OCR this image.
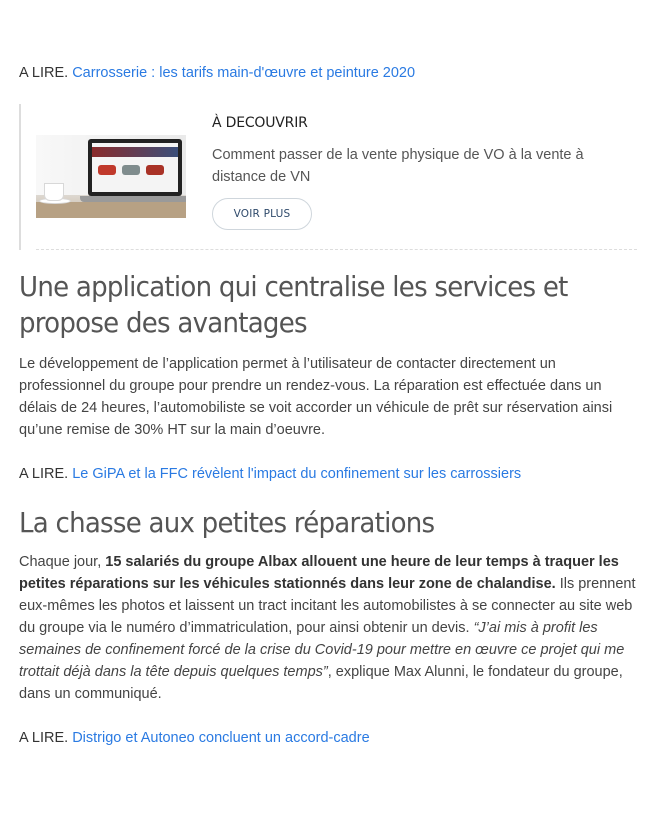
A LIRE. Carrosserie : les tarifs main-d'œuvre et peinture 2020
À DECOUVRIR
Comment passer de la vente physique de VO à la vente à distance de VN
VOIR PLUS
Une application qui centralise les services et propose des avantages

Le développement de l’application permet à l’utilisateur de contacter directement un professionnel du groupe pour prendre un rendez-vous. La réparation est effectuée dans un délais de 24 heures, l’automobiliste se voit accorder un véhicule de prêt sur réservation ainsi qu’une remise de 30% HT sur la main d’oeuvre.

A LIRE. Le GiPA et la FFC révèlent l'impact du confinement sur les carrossiers
La chasse aux petites réparations

Chaque jour, 15 salariés du groupe Albax allouent une heure de leur temps à traquer les petites réparations sur les véhicules stationnés dans leur zone de chalandise. Ils prennent eux-mêmes les photos et laissent un tract incitant les automobilistes à se connecter au site web du groupe via le numéro d’immatriculation, pour ainsi obtenir un devis. “J’ai mis à profit les semaines de confinement forcé de la crise du Covid-19 pour mettre en œuvre ce projet qui me trottait déjà dans la tête depuis quelques temps”, explique Max Alunni, le fondateur du groupe, dans un communiqué.

A LIRE. Distrigo et Autoneo concluent un accord-cadre
